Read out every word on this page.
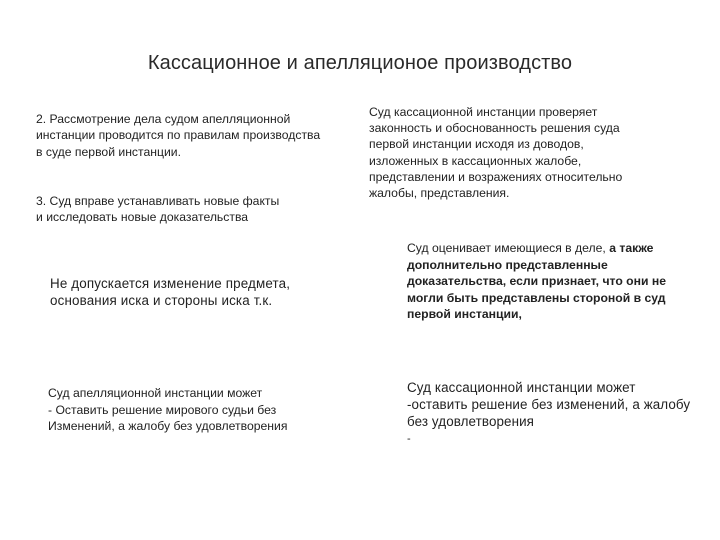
Кассационное и апелляционое производство

2. Рассмотрение дела судом апелляционной
инстанции проводится по правилам производства
в суде первой инстанции.

3. Суд вправе устанавливать новые факты
и исследовать новые доказательства

Не допускается изменение предмета,
основания иска и стороны иска т.к.

Суд апелляционной инстанции может
- Оставить решение мирового судьи без
Изменений, а жалобу без удовлетворения

Суд кассационной инстанции проверяет
законность и обоснованность решения суда
первой инстанции исходя из доводов,
изложенных в кассационных жалобе,
представлении и возражениях относительно
жалобы, представления.

Суд оценивает имеющиеся в деле, а также
дополнительно представленные
доказательства, если признает, что они не
могли быть представлены стороной в суд
первой инстанции,

Суд кассационной инстанции может
-оставить решение без изменений, а жалобу
без удовлетворения

-
